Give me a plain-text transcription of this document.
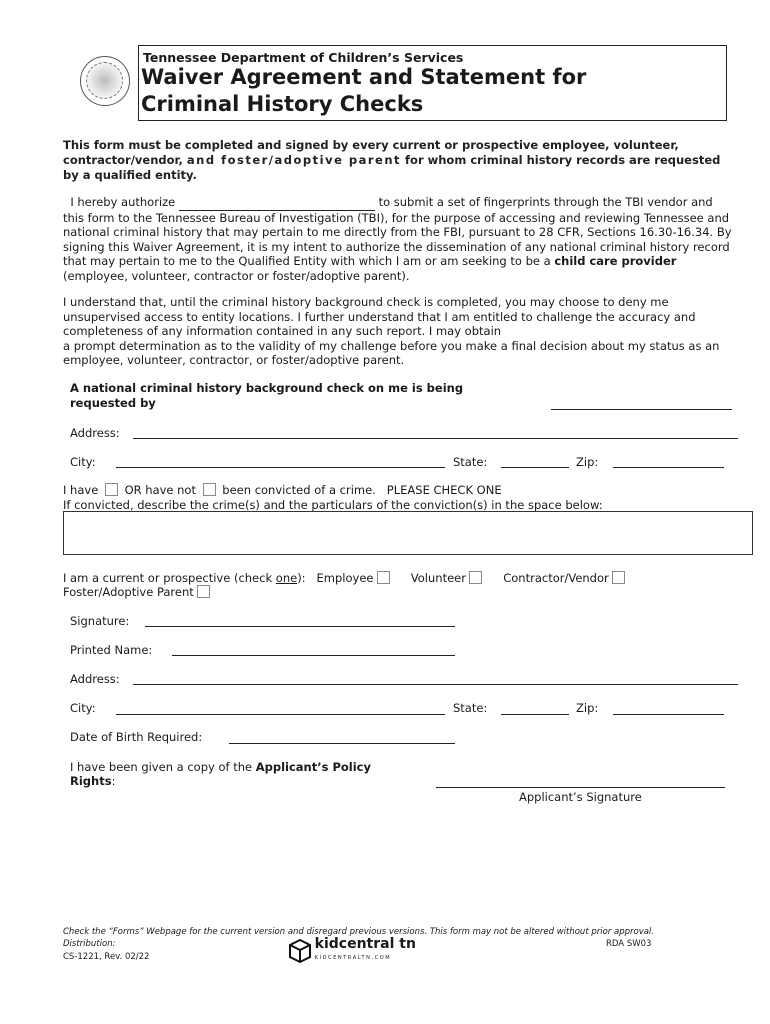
Tennessee Department of Children’s Services
Waiver Agreement and Statement for
Criminal History Checks
This form must be completed and signed by every current or prospective employee, volunteer, contractor/vendor, and foster/adoptive parent for whom criminal history records are requested by a qualified entity.
I hereby authorize	to submit a set of fingerprints through the TBI vendor and this form to the Tennessee Bureau of Investigation (TBI), for the purpose of accessing and reviewing Tennessee and national criminal history that may pertain to me directly from the FBI, pursuant to 28 CFR, Sections 16.30-16.34. By signing this Waiver Agreement, it is my intent to authorize the dissemination of any national criminal history record that may pertain to me to the Qualified Entity with which I am or am seeking to be a child care provider (employee, volunteer, contractor or foster/adoptive parent).
I understand that, until the criminal history background check is completed, you may choose to deny me unsupervised access to entity locations. I further understand that I am entitled to challenge the accuracy and completeness of any information contained in any such report. I may obtain
a prompt determination as to the validity of my challenge before you make a final decision about my status as an employee, volunteer, contractor, or foster/adoptive parent.
A national criminal history background check on me is being
requested by
Address:
City:	State:	Zip:
I have OR have not been convicted of a crime. PLEASE CHECK ONE
If convicted, describe the crime(s) and the particulars of the conviction(s) in the space below:
I am a current or prospective (check one): Employee	Volunteer	Contractor/Vendor
Foster/Adoptive Parent
Signature:
Printed Name:
Address:
City:	State:	Zip:
Date of Birth Required:
I have been given a copy of the Applicant’s Policy
Rights:
Applicant’s Signature
Check the “Forms” Webpage for the current version and disregard previous versions. This form may not be altered without prior approval.
Distribution:	RDA SW03
CS-1221, Rev. 02/22
kidcentral tn
KIDCENTRALTN.COM
